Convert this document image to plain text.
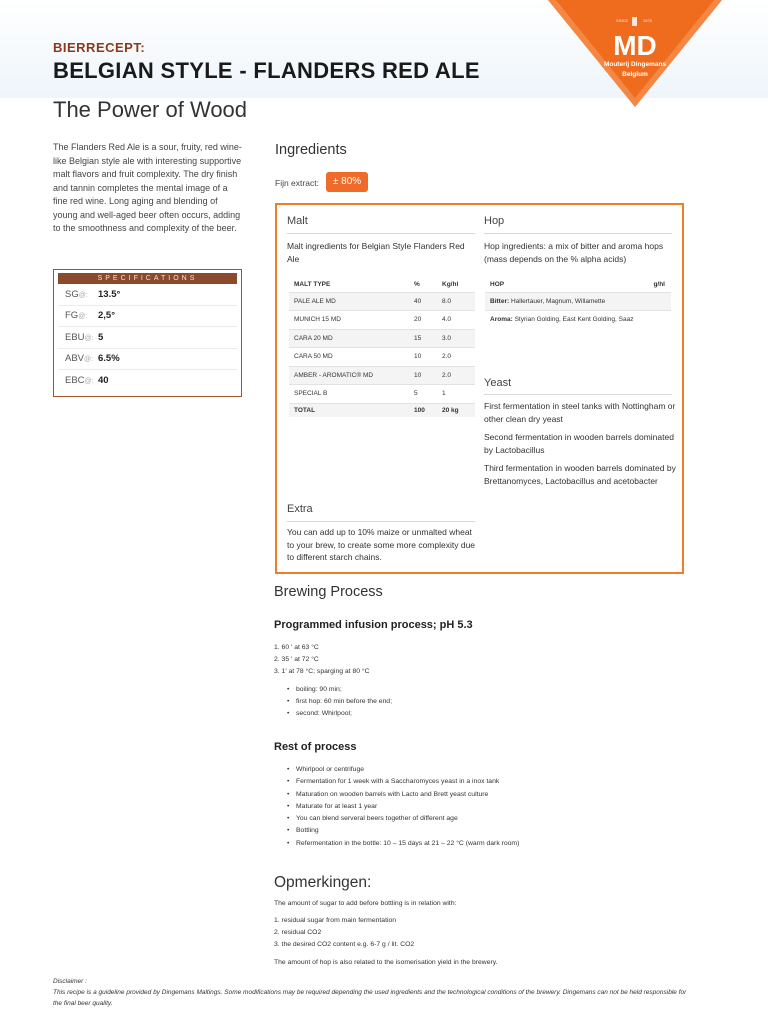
BIERRECEPT:
BELGIAN STYLE - FLANDERS RED ALE
The Power of Wood
SINCE	1875
MD
Mouterij Dingemans
Belgium

The Flanders Red Ale is a sour, fruity, red wine-like Belgian style ale with interesting supportive malt flavors and fruit complexity. The dry finish and tannin completes the mental image of a fine red wine. Long aging and blending of young and well-aged beer often occurs, adding to the smoothness and complexity of the beer.

SPECIFICATIONS
SG@:	13.5°
FG@:	2,5°
EBU@: 5
ABV@: 6.5%
EBC@: 40
Ingredients
Fijn extract:	± 80%
Malt
Malt ingredients for Belgian Style Flanders Red Ale
MALT TYPE	%	Kg/hl
PALE ALE MD	40	8.0
MUNICH 15 MD	20	4.0
CARA 20 MD	15	3.0
CARA 50 MD	10	2.0
AMBER - AROMATIC® MD	10	2.0
SPECIAL B	5	1
TOTAL	100	20 kg
Extra
You can add up to 10% maize or unmalted wheat to your brew, to create some more complexity due to different starch chains.
Hop
Hop ingredients: a mix of bitter and aroma hops (mass depends on the % alpha acids)
HOP	g/hl
Bitter: Hallertauer, Magnum, Willamette
Aroma: Styrian Golding, East Kent Golding, Saaz
Yeast

First fermentation in steel tanks with Nottingham or other clean dry yeast

Second fermentation in wooden barrels dominated by Lactobacillus

Third fermentation in wooden barrels dominated by Brettanomyces, Lactobacillus and acetobacter

Brewing Process
Programmed infusion process; pH 5.3
1. 60 ' at 63 °C
2. 35 ' at 72 °C
3. 1' at 78 °C; sparging at 80 °C
• boiling: 90 min;
• first hop: 60 min before the end;
• second: Whirlpool;
Rest of process
• Whirlpool or centrifuge
• Fermentation for 1 week with a Saccharomyces yeast in a inox tank
• Maturation on wooden barrels with Lacto and Brett yeast culture
• Maturate for at least 1 year
• You can blend serveral beers together of different age
• Bottling
• Refermentation in the bottle: 10 – 15 days at 21 – 22 °C (warm dark room)
Opmerkingen:
The amount of sugar to add before bottling is in relation with:
1. residual sugar from main fermentation
2. residual CO2
3. the desired CO2 content e.g. 6-7 g / lit. CO2
The amount of hop is also related to the isomerisation yield in the brewery.
Disclaimer :
This recipe is a guideline provided by Dingemans Maltings. Some modifications may be required depending the used ingredients and the technological conditions of the brewery. Dingemans can not be held responsible for the final beer quality.
